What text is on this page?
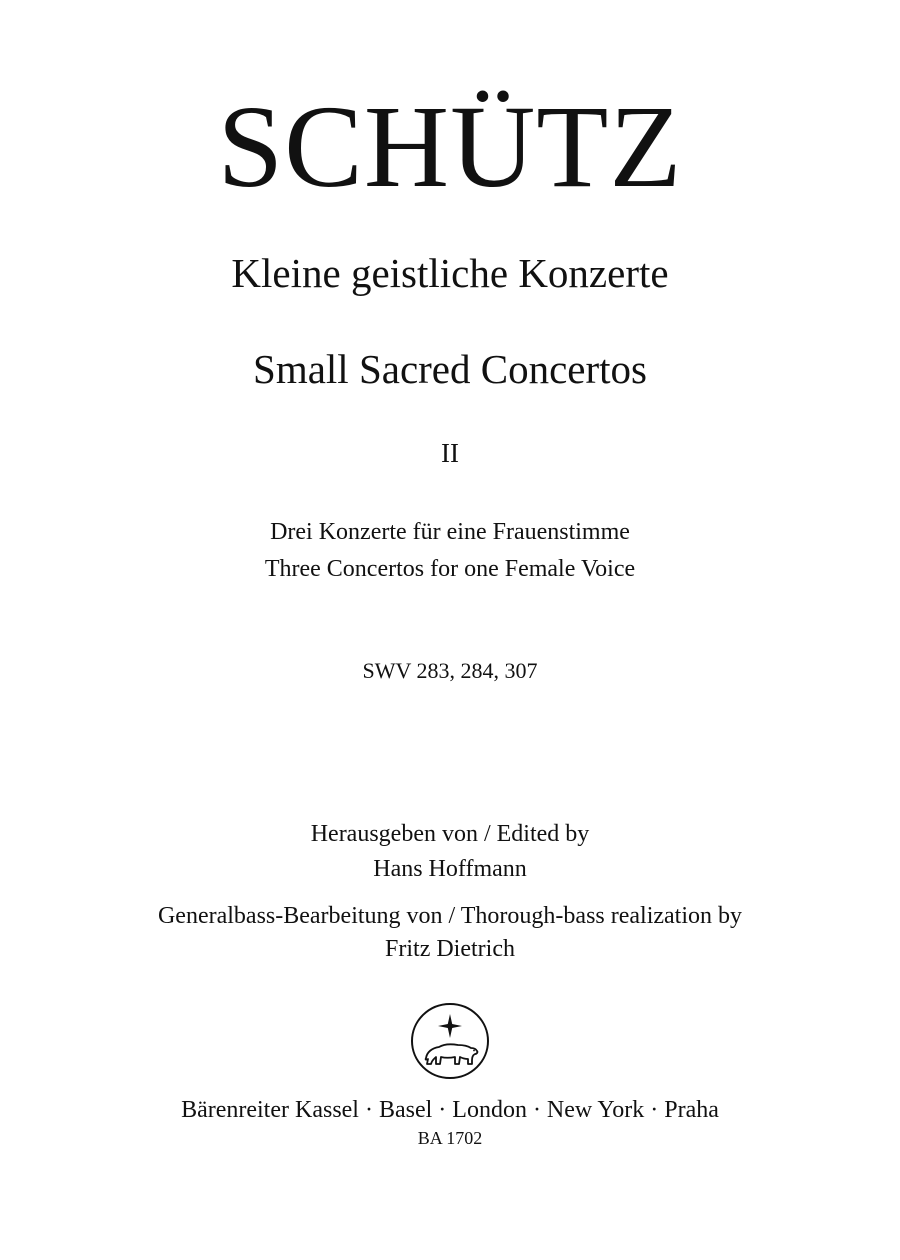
SCHÜTZ
Kleine geistliche Konzerte
Small Sacred Concertos
II
Drei Konzerte für eine Frauenstimme
Three Concertos for one Female Voice
SWV 283, 284, 307
Herausgeben von / Edited by
Hans Hoffmann
Generalbass-Bearbeitung von / Thorough-bass realization by
Fritz Dietrich
Bärenreiter Kassel · Basel · London · New York · Praha
BA 1702
